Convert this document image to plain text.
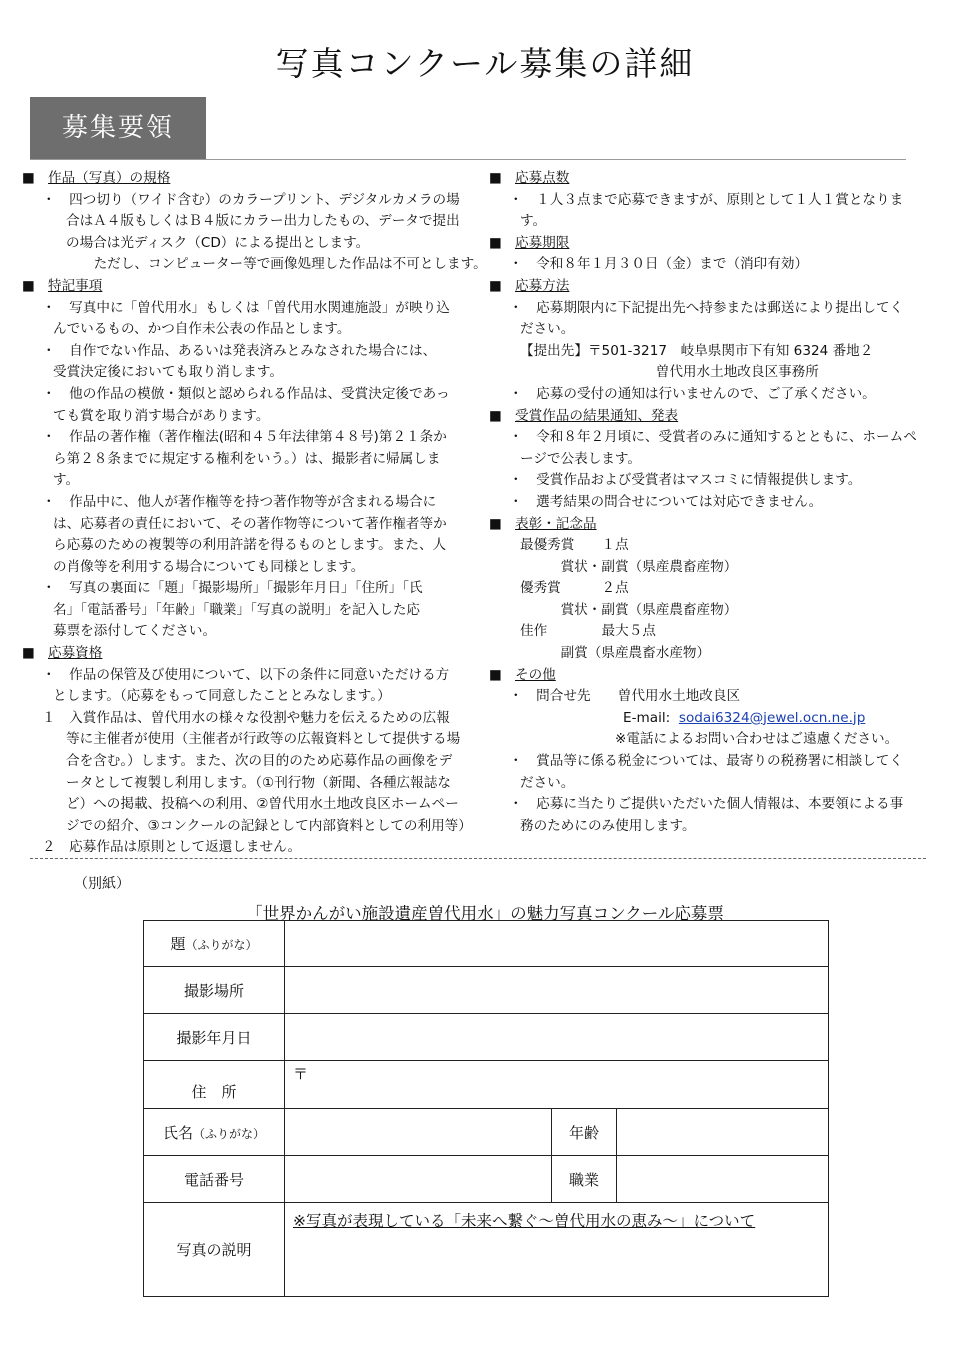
写真コンクール募集の詳細
募集要領
■ 作品（写真）の規格
・　四つ切り（ワイド含む）のカラープリント、デジタルカメラの場
合はＡ４版もしくはＢ４版にカラー出力したもの、データで提出
の場合は光ディスク（CD）による提出とします。
　ただし、コンピューター等で画像処理した作品は不可とします。
■ 特記事項
・　写真中に「曽代用水」もしくは「曽代用水関連施設」が映り込
んでいるもの、かつ自作未公表の作品とします。
・　自作でない作品、あるいは発表済みとみなされた場合には、
受賞決定後においても取り消します。
・　他の作品の模倣・類似と認められる作品は、受賞決定後であっ
ても賞を取り消す場合があります。
・　作品の著作権（著作権法(昭和４５年法律第４８号)第２１条か
ら第２８条までに規定する権利をいう。）は、撮影者に帰属しま
す。
・　作品中に、他人が著作権等を持つ著作物等が含まれる場合に
は、応募者の責任において、その著作物等について著作権者等か
ら応募のための複製等の利用許諾を得るものとします。また、人
の肖像等を利用する場合についても同様とします。
・　写真の裏面に「題」「撮影場所」「撮影年月日」「住所」「氏
名」「電話番号」「年齢」「職業」「写真の説明」を記入した応
募票を添付してください。
■ 応募資格
・　作品の保管及び使用について、以下の条件に同意いただける方
とします。（応募をもって同意したこととみなします。）
１　入賞作品は、曽代用水の様々な役割や魅力を伝えるための広報
等に主催者が使用（主催者が行政等の広報資料として提供する場
合を含む。）します。また、次の目的のため応募作品の画像をデ
ータとして複製し利用します。（①刊行物（新聞、各種広報誌な
ど）への掲載、投稿への利用、②曽代用水土地改良区ホームペー
ジでの紹介、③コンクールの記録として内部資料としての利用等）
２　応募作品は原則として返還しません。
■ 応募点数
・　１人３点まで応募できますが、原則として１人１賞となりま
す。
■ 応募期限
・　令和８年１月３０日（金）まで（消印有効）
■ 応募方法
・　応募期限内に下記提出先へ持参または郵送により提出してく
ださい。
【提出先】〒501-3217　岐阜県関市下有知 6324 番地２
　　　　　　　　曽代用水土地改良区事務所
・　応募の受付の通知は行いませんので、ご了承ください。
■ 受賞作品の結果通知、発表
・　令和８年２月頃に、受賞者のみに通知するとともに、ホームペ
ージで公表します。
・　受賞作品および受賞者はマスコミに情報提供します。
・　選考結果の問合せについては対応できません。
■ 表彰・記念品
最優秀賞　　１点
　賞状・副賞（県産農畜産物）
優秀賞　　　２点
　賞状・副賞（県産農畜産物）
佳作　　　　最大５点
　副賞（県産農畜水産物）
■ その他
・　問合せ先　　曽代用水土地改良区
E-mail: sodai6324@jewel.ocn.ne.jp
　　　　　※電話によるお問い合わせはご遠慮ください。
・　賞品等に係る税金については、最寄りの税務署に相談してく
ださい。
・　応募に当たりご提供いただいた個人情報は、本要領による事
務のためにのみ使用します。
（別紙）
「世界かんがい施設遺産曽代用水」の魅力写真コンクール応募票
題（ふりがな）			
撮影場所			
撮影年月日			
住　所	〒		
氏名（ふりがな）		年齢	
電話番号		職業	
写真の説明	※写真が表現している「未来へ繋ぐ～曽代用水の恵み～」について		
